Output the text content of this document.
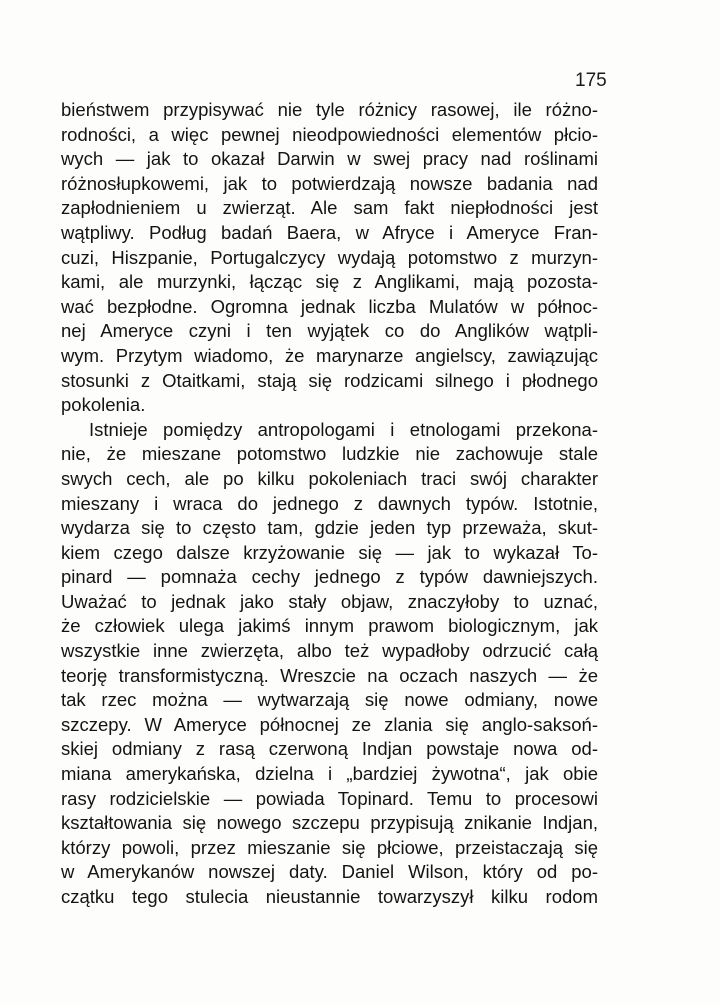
175
bieństwem przypisywać nie tyle różnicy rasowej, ile różno-
rodności, a więc pewnej nieodpowiedności elementów płcio-
wych — jak to okazał Darwin w swej pracy nad roślinami
różnosłupkowemi, jak to potwierdzają nowsze badania nad
zapłodnieniem u zwierząt. Ale sam fakt niepłodności jest
wątpliwy. Podług badań Baera, w Afryce i Ameryce Fran-
cuzi, Hiszpanie, Portugalczycy wydają potomstwo z murzyn-
kami, ale murzynki, łącząc się z Anglikami, mają pozosta-
wać bezpłodne. Ogromna jednak liczba Mulatów w północ-
nej Ameryce czyni i ten wyjątek co do Anglików wątpli-
wym. Przytym wiadomo, że marynarze angielscy, zawiązując
stosunki z Otaitkami, stają się rodzicami silnego i płodnego
pokolenia.
Istnieje pomiędzy antropologami i etnologami przekona-
nie, że mieszane potomstwo ludzkie nie zachowuje stale
swych cech, ale po kilku pokoleniach traci swój charakter
mieszany i wraca do jednego z dawnych typów. Istotnie,
wydarza się to często tam, gdzie jeden typ przeważa, skut-
kiem czego dalsze krzyżowanie się — jak to wykazał To-
pinard — pomnaża cechy jednego z typów dawniejszych.
Uważać to jednak jako stały objaw, znaczyłoby to uznać,
że człowiek ulega jakimś innym prawom biologicznym, jak
wszystkie inne zwierzęta, albo też wypadłoby odrzucić całą
teorję transformistyczną. Wreszcie na oczach naszych — że
tak rzec można — wytwarzają się nowe odmiany, nowe
szczepy. W Ameryce północnej ze zlania się anglo-saksoń-
skiej odmiany z rasą czerwoną Indjan powstaje nowa od-
miana amerykańska, dzielna i „bardziej żywotna“, jak obie
rasy rodzicielskie — powiada Topinard. Temu to procesowi
kształtowania się nowego szczepu przypisują znikanie Indjan,
którzy powoli, przez mieszanie się płciowe, przeistaczają się
w Amerykanów nowszej daty. Daniel Wilson, który od po-
czątku tego stulecia nieustannie towarzyszył kilku rodom
